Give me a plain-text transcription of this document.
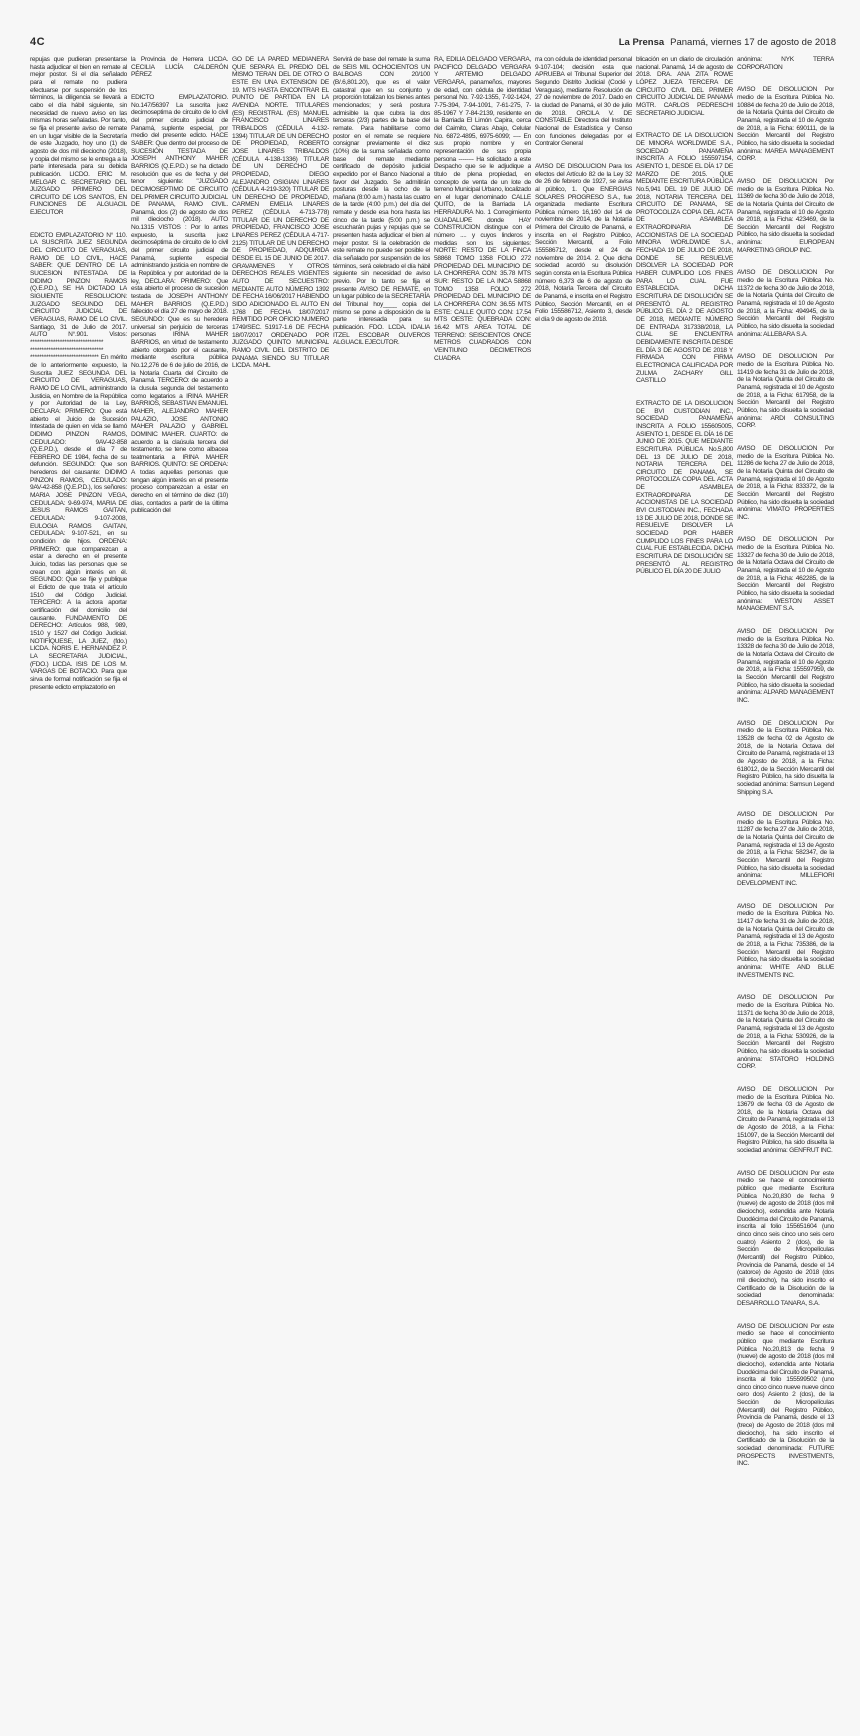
4C	La Prensa Panamá, viernes 17 de agosto de 2018

repujas que pudieran presentarse hasta adjudicar el bien en remate al mejor postor. Si el día señalado para el remate no pudiera efectuarse por suspensión de los términos, la diligencia se llevará a cabo el día hábil siguiente, sin necesidad de nuevo aviso en las mismas horas señaladas. Por tanto, se fija el presente aviso de remate en un lugar visible de la Secretaría de este Juzgado, hoy uno (1) de agosto de dos mil dieciocho (2018), y copia del mismo se le entrega a la parte interesada para su debida publicación. LICDO. ERIC M. MELGAR C. SECRETARIO DEL JUZGADO PRIMERO DEL CIRCUITO DE LOS SANTOS, EN FUNCIONES DE ALGUACIL EJECUTOR

EDICTO EMPLAZATORIO N° 110. LA SUSCRITA JUEZ SEGUNDA DEL CIRCUITO DE VERAGUAS, RAMO DE LO CIVIL, HACE SABER: QUE DENTRO DE LA SUCESION INTESTADA DE DIDIMO PINZON RAMOS (Q.E.P.D.), SE HA DICTADO LA SIGUIENTE RESOLUCION: JUZGADO SEGUNDO DEL CIRCUITO JUDICIAL DE VERAGUAS, RAMO DE LO CIVIL. Santiago, 31 de Julio de 2017. AUTO N°.901. Vistos: ******************************** ******************************** ****************************** En mérito de lo anteriormente expuesto, la Suscrita JUEZ SEGUNDA DEL CIRCUITO DE VERAGUAS, RAMO DE LO CIVIL, administrando Justicia, en Nombre de la República y por Autoridad de la Ley, DECLARA: PRIMERO: Que está abierto el Juicio de Sucesión Intestada de quien en vida se llamó DIDIMO PINZON RAMOS, CEDULADO: 9AV-42-858 (Q.E.P.D.), desde el día 7 de FEBRERO DE 1984, fecha de su defunción. SEGUNDO: Que son herederos del causante: DIDIMO PINZON RAMOS, CEDULADO: 9AV-42-858 (Q.E.P.D.), los señores: MARIA JOSE PINZON VEGA, CEDULADA: 9-69-974, MARIA DE JESUS RAMOS GAITAN, CEDULADA: 9-107-2008, EULOGIA RAMOS GAITAN, CEDULADA: 9-107-521, en su condición de hijos. ORDENA: PRIMERO: que comparezcan a estar a derecho en el presente Juicio, todas las personas que se crean con algún interés en él. SEGUNDO: Que se fije y publique el Edicto de que trata el artículo 1510 del Código Judicial. TERCERO: A la actora aportar certificación del domicilio del causante. FUNDAMENTO DE DERECHO: Artículos 988, 989, 1510 y 1527 del Código Judicial. NOTIFÍQUESE, LA JUEZ, (fdo.) LICDA. NORIS E. HERNANDEZ P. LA SECRETARIA JUDICIAL, (FDO.) LICDA. ISIS DE LOS M. VARGAS DE BOTACIO. Para que sirva de formal notificación se fija el presente edicto emplazatorio en

la Provincia de Herrera LICDA. CECILIA LUCÍA CALDERÓN PÉREZ

EDICTO EMPLAZATORIO. No.147/56397 La suscrita juez decimoseptima de circuito de lo civil del primer circuito judicial de Panamá, suplente especial, por medio del presente edicto. HACE SABER: Que dentro del proceso de SUCESIÓN TESTADA DE JOSEPH ANTHONY MAHER BARRIOS (Q.E.P.D.) se ha dictado resolución que es de fecha y del tenor siguiente: "JUZGADO DECIMOSEPTIMO DE CIRCUITO DEL PRIMER CIRCUITO JUDICIAL DE PANAMA, RAMO CIVIL. Panamá, dos (2) de agosto de dos mil dieciocho (2018). AUTO No.1315 VISTOS : Por lo antes expuesto, la suscrita juez decimoséptima de circuito de lo civil del primer circuito judicial de Panamá, suplente especial administrando justicia en nombre de la República y por autoridad de la ley, DECLARA: PRIMERO: Que esta abierto el proceso de sucesión testada de JOSEPH ANTHONY MAHER BARRIOS (Q.E.P.D.) fallecido el día 27 de mayo de 2018. SEGUNDO: Que es su heredera universal sin perjuicio de terceras personas IRINA MAHER BARRIOS, en virtud de testamento abierto otorgado por el causante, mediante escritura pública No.12,276 de 6 de julio de 2016, de la Notaría Cuarta del Circuito de Panamá. TERCERO: de acuerdo a la clusula segunda del testamento como legatarios a IRINA MAHER BARRIOS, SEBASTIAN EMANUEL MAHER, ALEJANDRO MAHER PALAZIO, JOSE ANTONIO MAHER PALAZIO y GABRIEL DOMINIC MAHER. CUARTO: de acuerdo a la claúsula tercera del testamento, se tene como albacea teatmentaria a IRINA MAHER BARRIOS. QUINTO: SE ORDENA: A todas aquellas personas que tengan algún interés en el presente proceso comparezcan a estar en derecho en el término de diez (10) días, contados a partir de la última publicación del

GO DE LA PARED MEDIANERA QUE SEPARA EL PREDIO DEL MISMO TERAN DEL DE OTRO O ESTE EN UNA EXTENSION DE 19. MTS HASTA ENCONTRAR EL PUNTO DE PARTIDA EN LA AVENIDA NORTE. TITULARES (ES) REGISTRAL (ES) MANUEL FRANCISCO LINARES TRIBALDOS (CÉDULA 4-132-1394) TITULAR DE UN DERECHO DE PROPIEDAD, ROBERTO JOSE LINARES TRIBALDOS (CÉDULA 4-138-1336) TITULAR DE UN DERECHO DE PROPIEDAD, DIEGO ALEJANDRO OSIGIAN LINARES (CÉDULA 4-219-320) TITULAR DE UN DERECHO DE PROPIEDAD, CARMEN EMELIA LINARES PEREZ (CÉDULA 4-713-778) TITULAR DE UN DERECHO DE PROPIEDAD, FRANCISCO JOSE LINARES PEREZ (CÉDULA 4-717-2125) TITULAR DE UN DERECHO DE PROPIEDAD, ADQUIRIDA DESDE EL 15 DE JUNIO DE 2017. GRAVAMENES Y OTROS DERECHOS REALES VIGENTES AUTO DE SECUESTRO: MEDIANTE AUTO NÚMERO 1392 DE FECHA 16/06/2017 HABIENDO SIDO ADICIONADO EL AUTO EN 1768 DE FECHA 18/07/2017 REMITIDO POR OFICIO NUMERO 1749/SEC. 51917-1.6 DE FECHA 18/07/2017 ORDENADO POR JUZGADO QUINTO MUNICIPAL RAMO CIVIL DEL DISTRITO DE PANAMA SIENDO SU TITULAR LICDA. MAHL

Servirá de base del remate la suma de SEIS MIL OCHOCIENTOS UN BALBOAS CON 20/100 (B/.6,801.20), que es el valor catastral que en su conjunto y proporción totalizan los bienes antes mencionados; y será postura admisible la que cubra la dos terceras (2/3) partes de la base del remate. Para habilitarse como postor en el remate se requiere consignar previamente el diez (10%) de la suma señalada como base del remate mediante certificado de depósito judicial expedido por el Banco Nacional a favor del Juzgado. Se admitirán posturas desde la ocho de la mañana (8:00 a.m.) hasta las cuatro de la tarde (4:00 p.m.) del día del remate y desde esa hora hasta las cinco de la tarde (5:00 p.m.) se escucharán pujas y repujas que se presenten hasta adjudicar el bien al mejor postor. Si la celebración de este remate no puede ser posible el día señalado por suspensión de los términos, será celebrado el día hábil siguiente sin necesidad de aviso previo. Por lo tanto se fija el presente AVISO DE REMATE, en un lugar público de la SECRETARÍA del Tribunal hoy____ copia del mismo se pone a disposición de la parte interesada para su publicación. FDO. LCDA. IDALIA ITZEL ESCOBAR OLIVEROS ALGUACIL EJECUTOR.

RA, EDILIA DELGADO VERGARA, PACIFICO DELGADO VERGARA Y ARTEMIO DELGADO VERGARA, panameños, mayores de edad, con cédula de identidad personal No. 7-92-1355, 7-92-1424, 7-75-394, 7-94-1091, 7-61-275, 7-85-1967 Y 7-84-2139, residente en la Barriada El Limón Capira, cerca del Caimito, Claras Abajo, Celular No. 6872-4895, 6975-6099; ---- En sus propio nombre y en representación de sus propia persona -------- Ha solicitado a este Despacho que se le adjudique a título de plena propiedad, en concepto de venta de un lote de terreno Municipal Urbano, localizado en el lugar denominado CALLE QUITO, de la Barriada LA HERRADURA No. 1 Corregimiento GUADALUPE donde HAY CONSTRUCION distingue con el número .... y cuyos linderos y medidas son los siguientes: NORTE: RESTO DE LA FINCA 58868 TOMO 1358 FOLIO 272 PROPIEDAD DEL MUNICIPIO DE LA CHORRERA CON: 35.78 MTS SUR: RESTO DE LA INCA 58868 TOMO 1358 FOLIO 272 PROPIEDAD DEL MUNICIPIO DE LA CHORRERA CON: 36.55 MTS ESTE: CALLE QUITO CON: 17.54 MTS OESTE: QUEBRADA CON: 16.42 MTS AREA TOTAL DE TERRENO: SEISCIENTOS ONCE METROS CUADRADOS CON VEINTIUNO DECIMETROS CUADRA

rra con cédula de identidad personal 9-107-104; decisión esta que APRUEBA el Tribunal Superior del Segundo Distrito Judicial (Coclé y Veraguas), mediante Resolución de 27 de noviembre de 2017. Dado en la ciudad de Panamá, el 30 de julio de 2018. ORCILA V. DE CONSTABLE Directora del Instituto Nacional de Estadística y Censo con funciones delegadas por el Contralor General

AVISO DE DISOLUCION Para los efectos del Artículo 82 de la Ley 32 de 26 de febrero de 1927, se avisa al público, 1. Que ENERGIAS SOLARES PROGRESO S.A., fue organizada mediante Escritura Pública número 16,160 del 14 de noviembre de 2014, de la Notaría Primera del Circuito de Panamá, e inscrita en el Registro Público, Sección Mercantil, a Folio 155586712, desde el 24 de noviembre de 2014. 2. Que dicha sociedad acordó su disolución según consta en la Escritura Pública número 6,373 de 6 de agosto de 2018, Notaría Tercera del Circuito de Panamá, e inscrita en el Registro Público, Sección Mercantil, en el Folio 155586712, Asiento 3, desde el día 9 de agosto de 2018.

blicación en un diario de circulación nacional. Panamá, 14 de agosto de 2018. DRA. ANA ZITA ROWE LÓPEZ JUEZA TERCERA DE CIRCUITO CIVIL DEL PRIMER CIRCUITO JUDICIAL DE PANAMÁ MGTR. CARLOS PEDRESCHI SECRETARIO JUDICIAL

EXTRACTO DE LA DISOLUCION DE MINORA WORLDWIDE S.A., SOCIEDAD PANAMEÑA INSCRITA A FOLIO 155597154, ASIENTO 1, DESDE EL DÍA 17 DE MARZO DE 2015. QUE MEDIANTE ESCRITURA PÚBLICA No.5,941 DEL 19 DE JULIO DE 2018, NOTARIA TERCERA DEL CIRCUITO DE PANAMA, SE PROTOCOLIZA COPIA DEL ACTA DE ASAMBLEA EXTRAORDINARIA DE ACCIONISTAS DE LA SOCIEDAD MINORA WORLDWIDE S.A., FECHADA 19 DE JULIO DE 2018, DONDE SE RESUELVE DISOLVER LA SOCIEDAD POR HABER CUMPLIDO LOS FINES PARA LO CUAL FUE ESTABLECIDA. DICHA ESCRITURA DE DISOLUCIÓN SE PRESENTÓ AL REGISTRO PÚBLICO EL DÍA 2 DE AGOSTO DE 2018, MEDIANTE NÚMERO DE ENTRADA 317338/2018, LA CUAL SE ENCUENTRA DEBIDAMENTE INSCRITA DESDE EL DÍA 3 DE AGOSTO DE 2018 Y FIRMADA CON FIRMA ELECTRONICA CALIFICADA POR ZULMA ZACHARY GILL CASTILLO

EXTRACTO DE LA DISOLUCION DE BVI CUSTODIAN INC., SOCIEDAD PANAMEÑA INSCRITA A FOLIO 155605005, ASIENTO 1, DESDE EL DÍA 16 DE JUNIO DE 2015. QUE MEDIANTE ESCRITURA PÚBLICA No.5,800 DEL 13 DE JULIO DE 2018, NOTARIA TERCERA DEL CIRCUITO DE PANAMA, SE PROTOCOLIZA COPIA DEL ACTA DE ASAMBLEA EXTRAORDINARIA DE ACCIONISTAS DE LA SOCIEDAD BVI CUSTODIAN INC., FECHADA 13 DE JULIO DE 2018, DONDE SE RESUELVE DISOLVER LA SOCIEDAD POR HABER CUMPLIDO LOS FINES PARA LO CUAL FUE ESTABLECIDA. DICHA ESCRITURA DE DISOLUCIÓN SE PRESENTÓ AL REGISTRO PÚBLICO EL DÍA 20 DE JULIO

anónima: NYK TERRA CORPORATION

AVISO DE DISOLUCION Por medio de la Escritura Pública No. 10884 de fecha 20 de Julio de 2018, de la Notaría Quinta del Circuito de Panamá, registrada el 10 de Agosto de 2018, a la Ficha: 690111, de la Sección Mercantil del Registro Público, ha sido disuelta la sociedad anónima: MAREA MANAGEMENT CORP.

AVISO DE DISOLUCION Por medio de la Escritura Pública No. 11369 de fecha 30 de Julio de 2018, de la Notaría Quinta del Circuito de Panamá, registrada el 10 de Agosto de 2018, a la Ficha: 423469, de la Sección Mercantil del Registro Público, ha sido disuelta la sociedad anónima: EUROPEAN MARKETING GROUP INC.

AVISO DE DISOLUCION Por medio de la Escritura Pública No. 11372 de fecha 30 de Julio de 2018, de la Notaría Quinta del Circuito de Panamá, registrada el 10 de Agosto de 2018, a la Ficha: 494945, de la Sección Mercantil del Registro Público, ha sido disuelta la sociedad anónima: ALLEBARA S.A.

AVISO DE DISOLUCION Por medio de la Escritura Pública No. 11419 de fecha 31 de Julio de 2018, de la Notaría Quinta del Circuito de Panamá, registrada el 10 de Agosto de 2018, a la Ficha: 617958, de la Sección Mercantil del Registro Público, ha sido disuelta la sociedad anónima: ARDI CONSULTING CORP.

AVISO DE DISOLUCION Por medio de la Escritura Pública No. 11286 de fecha 27 de Julio de 2018, de la Notaría Quinta del Circuito de Panamá, registrada el 10 de Agosto de 2018, a la Ficha: 833372, de la Sección Mercantil del Registro Público, ha sido disuelta la sociedad anónima: VIMATO PROPERTIES INC.

AVISO DE DISOLUCION Por medio de la Escritura Pública No. 13327 de fecha 30 de Julio de 2018, de la Notaría Octava del Circuito de Panamá, registrada el 10 de Agosto de 2018, a la Ficha: 462285, de la Sección Mercantil del Registro Público, ha sido disuelta la sociedad anónima: WESTON ASSET MANAGEMENT S.A.

AVISO DE DISOLUCION Por medio de la Escritura Pública No. 13328 de fecha 30 de Julio de 2018, de la Notaría Octava del Circuito de Panamá, registrada el 10 de Agosto de 2018, a la Ficha: 155597959, de la Sección Mercantil del Registro Público, ha sido disuelta la sociedad anónima: ALPARD MANAGEMENT INC.

AVISO DE DISOLUCION Por medio de la Escritura Pública No. 13528 de fecha 02 de Agosto de 2018, de la Notaría Octava del Circuito de Panamá, registrada el 13 de Agosto de 2018, a la Ficha: 618012, de la Sección Mercantil del Registro Público, ha sido disuelta la sociedad anónima: Samsun Legend Shipping S.A.

AVISO DE DISOLUCION Por medio de la Escritura Pública No. 11287 de fecha 27 de Julio de 2018, de la Notaría Quinta del Circuito de Panamá, registrada el 13 de Agosto de 2018, a la Ficha: 582347, de la Sección Mercantil del Registro Público, ha sido disuelta la sociedad anónima: MILLEFIORI DEVELOPMENT INC.

AVISO DE DISOLUCION Por medio de la Escritura Pública No. 11417 de fecha 31 de Julio de 2018, de la Notaría Quinta del Circuito de Panamá, registrada el 13 de Agosto de 2018, a la Ficha: 735386, de la Sección Mercantil del Registro Público, ha sido disuelta la sociedad anónima: WHITE AND BLUE INVESTMENTS INC.

AVISO DE DISOLUCION Por medio de la Escritura Pública No. 11371 de fecha 30 de Julio de 2018, de la Notaría Quinta del Circuito de Panamá, registrada el 13 de Agosto de 2018, a la Ficha: 530926, de la Sección Mercantil del Registro Público, ha sido disuelta la sociedad anónima: STATORO HOLDING CORP.

AVISO DE DISOLUCION Por medio de la Escritura Pública No. 13679 de fecha 03 de Agosto de 2018, de la Notaría Octava del Circuito de Panamá, registrada el 13 de Agosto de 2018, a la Ficha: 151097, de la Sección Mercantil del Registro Público, ha sido disuelta la sociedad anónima: GENFRUT INC.

AVISO DE DISOLUCION Por este medio se hace el conocimiento público que mediante Escritura Pública No.20,830 de fecha 9 (nueve) de agosto de 2018 (dos mil dieciocho), extendida ante Notaria Duodécima del Circuito de Panamá, inscrita al folio 155651604 (uno cinco cinco seis cinco uno seis cero cuatro) Asiento 2 (dos), de la Sección de Micropelículas (Mercantil) del Registro Público, Provincia de Panamá, desde el 14 (catorce) de Agosto de 2018 (dos mil dieciocho), ha sido inscrito el Certificado de la Disolución de la sociedad denominada: DESARROLLO TANARA, S.A.

AVISO DE DISOLUCION Por este medio se hace el conocimiento público que mediante Escritura Pública No.20,813 de fecha 9 (nueve) de agosto de 2018 (dos mil dieciocho), extendida ante Notaria Duodécima del Circuito de Panamá, inscrita al folio 155599502 (uno cinco cinco cinco nueve nueve cinco cero dos) Asiento 2 (dos), de la Sección de Micropelículas (Mercantil) del Registro Público, Provincia de Panamá, desde el 13 (trece) de Agosto de 2018 (dos mil dieciocho), ha sido inscrito el Certificado de la Disolución de la sociedad denominada: FUTURE PROSPECTS INVESTMENTS, INC.
